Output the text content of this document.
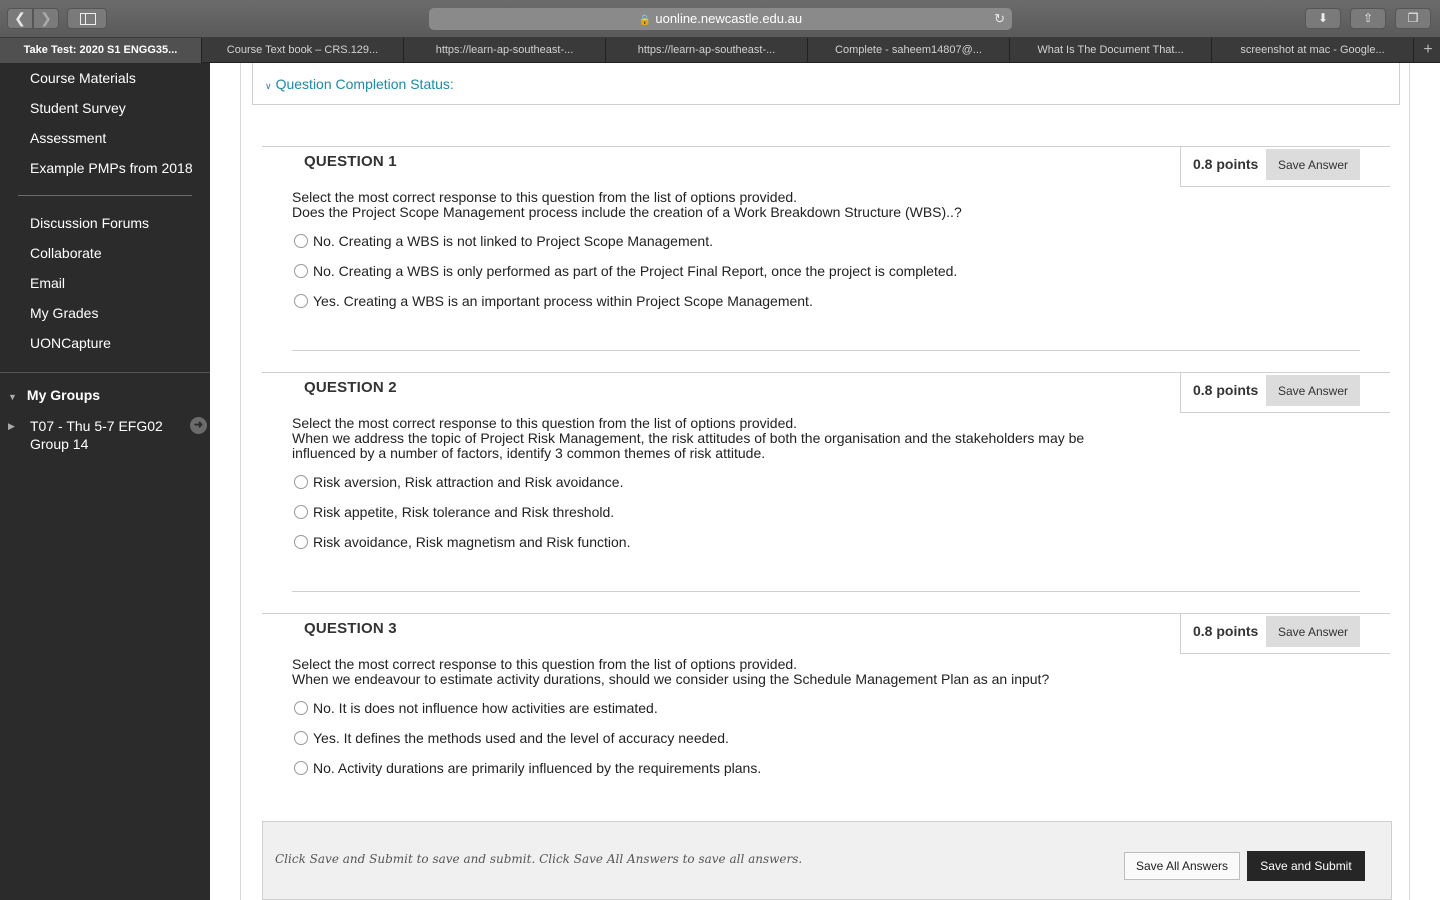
❮	❯	🔒 uonline.newcastle.edu.au	↻	⬇	⇧	❐
Take Test: 2020 S1 ENGG35...	Course Text book – CRS.129...	https://learn-ap-southeast-...	https://learn-ap-southeast-...	Complete - saheem14807@...	What Is The Document That...	screenshot at mac - Google...	+
Course Materials
Student Survey
Assessment
Example PMPs from 2018
Discussion Forums
Collaborate
Email
My Grades
UONCapture
▼ My Groups
▶ T07 - Thu 5-7 EFG02 Group 14
➜
∨ Question Completion Status:
QUESTION 1	0.8 points	Save Answer
Select the most correct response to this question from the list of options provided.
Does the Project Scope Management process include the creation of a Work Breakdown Structure (WBS)..?
No. Creating a WBS is not linked to Project Scope Management.
No. Creating a WBS is only performed as part of the Project Final Report, once the project is completed.
Yes. Creating a WBS is an important process within Project Scope Management.
QUESTION 2	0.8 points	Save Answer
Select the most correct response to this question from the list of options provided.
When we address the topic of Project Risk Management, the risk attitudes of both the organisation and the stakeholders may be influenced by a number of factors, identify 3 common themes of risk attitude.
Risk aversion, Risk attraction and Risk avoidance.
Risk appetite, Risk tolerance and Risk threshold.
Risk avoidance, Risk magnetism and Risk function.
QUESTION 3	0.8 points	Save Answer
Select the most correct response to this question from the list of options provided.
When we endeavour to estimate activity durations, should we consider using the Schedule Management Plan as an input?
No. It is does not influence how activities are estimated.
Yes. It defines the methods used and the level of accuracy needed.
No. Activity durations are primarily influenced by the requirements plans.
Click Save and Submit to save and submit. Click Save All Answers to save all answers.	Save All Answers	Save and Submit
